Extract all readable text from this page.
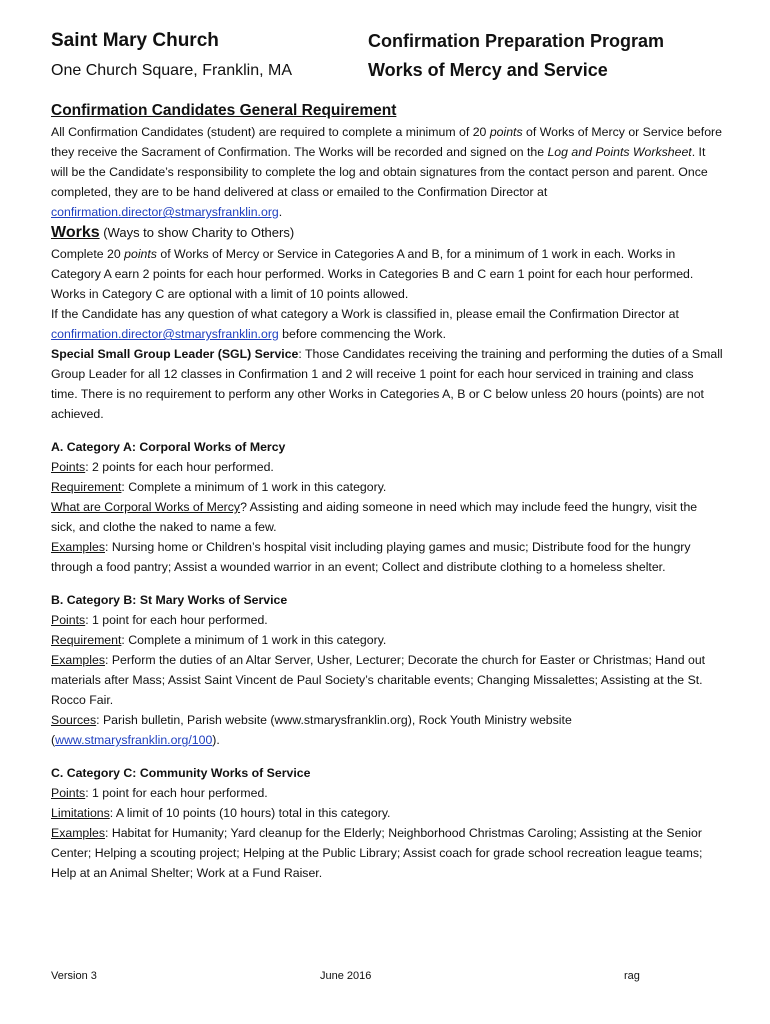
Saint Mary Church
One Church Square, Franklin, MA
Confirmation Preparation Program
Works of Mercy and Service

Confirmation Candidates General Requirement

All Confirmation Candidates (student) are required to complete a minimum of 20 points of Works of Mercy or Service before they receive the Sacrament of Confirmation. The Works will be recorded and signed on the Log and Points Worksheet. It will be the Candidate’s responsibility to complete the log and obtain signatures from the contact person and parent. Once completed, they are to be hand delivered at class or emailed to the Confirmation Director at confirmation.director@stmarysfranklin.org.

Works (Ways to show Charity to Others)

Complete 20 points of Works of Mercy or Service in Categories A and B, for a minimum of 1 work in each. Works in Category A earn 2 points for each hour performed. Works in Categories B and C earn 1 point for each hour performed. Works in Category C are optional with a limit of 10 points allowed.

If the Candidate has any question of what category a Work is classified in, please email the Confirmation Director at confirmation.director@stmarysfranklin.org before commencing the Work.

Special Small Group Leader (SGL) Service: Those Candidates receiving the training and performing the duties of a Small Group Leader for all 12 classes in Confirmation 1 and 2 will receive 1 point for each hour serviced in training and class time. There is no requirement to perform any other Works in Categories A, B or C below unless 20 hours (points) are not achieved.

A. Category A: Corporal Works of Mercy

Points: 2 points for each hour performed.

Requirement: Complete a minimum of 1 work in this category.

What are Corporal Works of Mercy? Assisting and aiding someone in need which may include feed the hungry, visit the sick, and clothe the naked to name a few.

Examples: Nursing home or Children’s hospital visit including playing games and music; Distribute food for the hungry through a food pantry; Assist a wounded warrior in an event; Collect and distribute clothing to a homeless shelter.

B. Category B: St Mary Works of Service

Points: 1 point for each hour performed.

Requirement: Complete a minimum of 1 work in this category.

Examples: Perform the duties of an Altar Server, Usher, Lecturer; Decorate the church for Easter or Christmas; Hand out materials after Mass; Assist Saint Vincent de Paul Society’s charitable events; Changing Missalettes; Assisting at the St. Rocco Fair.

Sources: Parish bulletin, Parish website (www.stmarysfranklin.org), Rock Youth Ministry website (www.stmarysfranklin.org/100).

C. Category C: Community Works of Service

Points: 1 point for each hour performed.

Limitations: A limit of 10 points (10 hours) total in this category.

Examples: Habitat for Humanity; Yard cleanup for the Elderly; Neighborhood Christmas Caroling; Assisting at the Senior Center; Helping a scouting project; Helping at the Public Library; Assist coach for grade school recreation league teams; Help at an Animal Shelter; Work at a Fund Raiser.

Version 3	June 2016	rag
